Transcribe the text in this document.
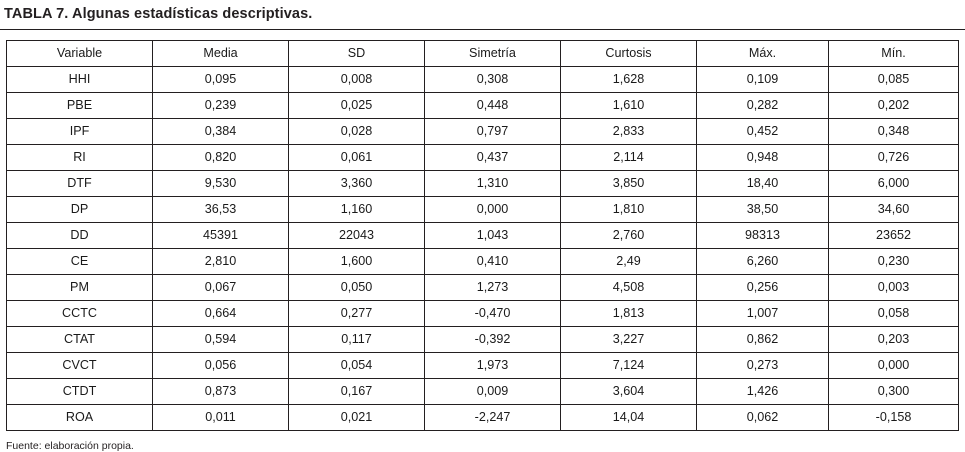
TABLA 7. Algunas estadísticas descriptivas.
Variable	Media	SD	Simetría	Curtosis	Máx.	Mín.
HHI	0,095	0,008	0,308	1,628	0,109	0,085
PBE	0,239	0,025	0,448	1,610	0,282	0,202
IPF	0,384	0,028	0,797	2,833	0,452	0,348
RI	0,820	0,061	0,437	2,114	0,948	0,726
DTF	9,530	3,360	1,310	3,850	18,40	6,000
DP	36,53	1,160	0,000	1,810	38,50	34,60
DD	45391	22043	1,043	2,760	98313	23652
CE	2,810	1,600	0,410	2,49	6,260	0,230
PM	0,067	0,050	1,273	4,508	0,256	0,003
CCTC	0,664	0,277	-0,470	1,813	1,007	0,058
CTAT	0,594	0,117	-0,392	3,227	0,862	0,203
CVCT	0,056	0,054	1,973	7,124	0,273	0,000
CTDT	0,873	0,167	0,009	3,604	1,426	0,300
ROA	0,011	0,021	-2,247	14,04	0,062	-0,158
Fuente: elaboración propia.
